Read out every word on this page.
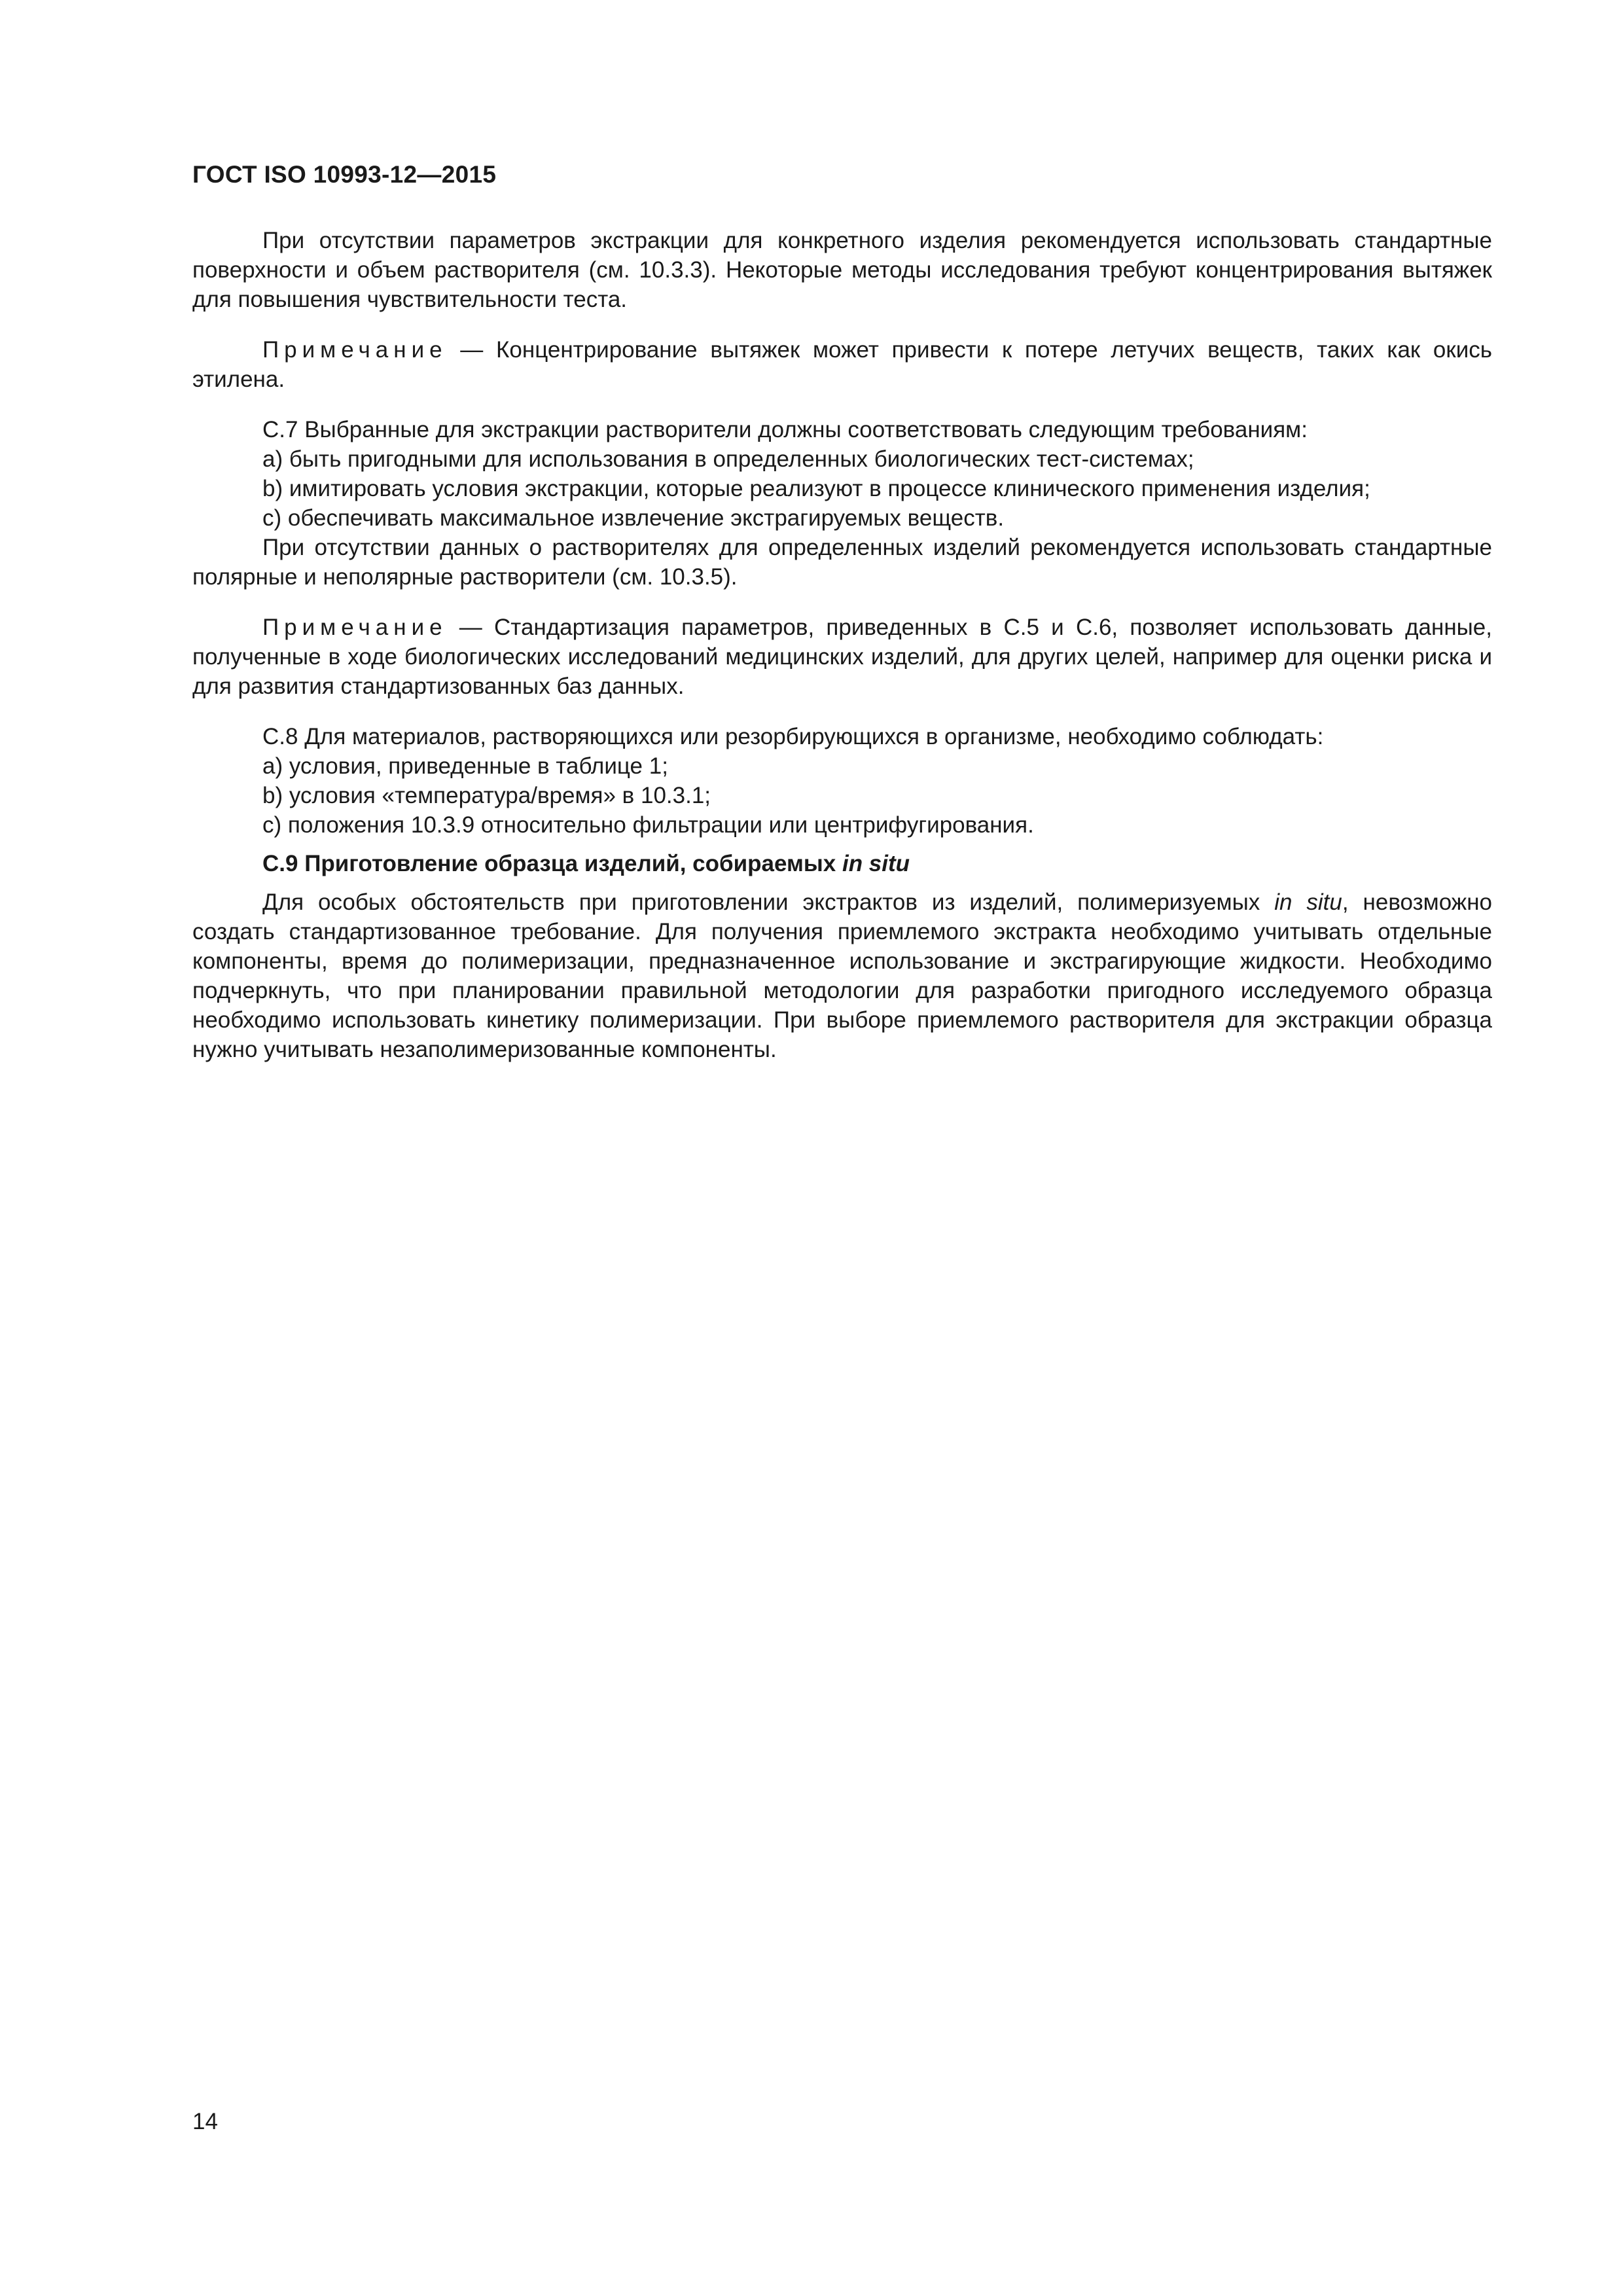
ГОСТ ISO 10993-12—2015

При отсутствии параметров экстракции для конкретного изделия рекомендуется использовать стандартные поверхности и объем растворителя (см. 10.3.3). Некоторые методы исследования требуют концентрирования вытяжек для повышения чувствительности теста.

Примечание — Концентрирование вытяжек может привести к потере летучих веществ, таких как окись этилена.

С.7 Выбранные для экстракции растворители должны соответствовать следующим требованиям:

a) быть пригодными для использования в определенных биологических тест-системах;

b) имитировать условия экстракции, которые реализуют в процессе клинического применения изделия;

c) обеспечивать максимальное извлечение экстрагируемых веществ.

При отсутствии данных о растворителях для определенных изделий рекомендуется использовать стандартные полярные и неполярные растворители (см. 10.3.5).

Примечание — Стандартизация параметров, приведенных в С.5 и С.6, позволяет использовать данные, полученные в ходе биологических исследований медицинских изделий, для других целей, например для оценки риска и для развития стандартизованных баз данных.

С.8 Для материалов, растворяющихся или резорбирующихся в организме, необходимо соблюдать:

a) условия, приведенные в таблице 1;

b) условия «температура/время» в 10.3.1;

c) положения 10.3.9 относительно фильтрации или центрифугирования.

С.9 Приготовление образца изделий, собираемых in situ

Для особых обстоятельств при приготовлении экстрактов из изделий, полимеризуемых in situ, невозможно создать стандартизованное требование. Для получения приемлемого экстракта необходимо учитывать отдельные компоненты, время до полимеризации, предназначенное использование и экстрагирующие жидкости. Необходимо подчеркнуть, что при планировании правильной методологии для разработки пригодного исследуемого образца необходимо использовать кинетику полимеризации. При выборе приемлемого растворителя для экстракции образца нужно учитывать незаполимеризованные компоненты.

14
